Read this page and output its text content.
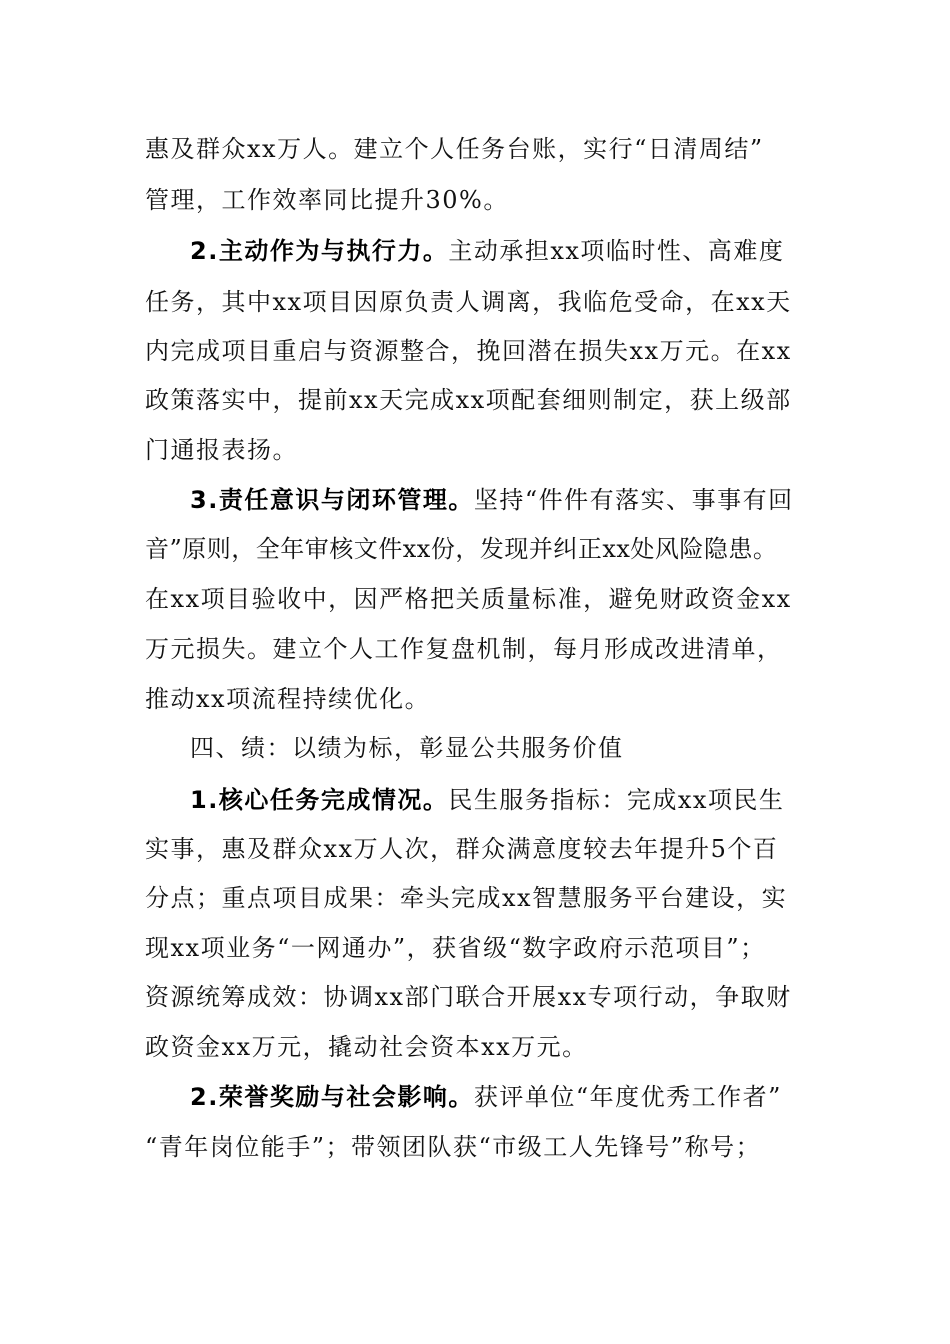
惠及群众xx万人。建立个人任务台账，实行“日清周结”
管理，工作效率同比提升30%。
2.主动作为与执行力。主动承担xx项临时性、高难度
任务，其中xx项目因原负责人调离，我临危受命，在xx天
内完成项目重启与资源整合，挽回潜在损失xx万元。在xx
政策落实中，提前xx天完成xx项配套细则制定，获上级部
门通报表扬。
3.责任意识与闭环管理。坚持“件件有落实、事事有回
音”原则，全年审核文件xx份，发现并纠正xx处风险隐患。
在xx项目验收中，因严格把关质量标准，避免财政资金xx
万元损失。建立个人工作复盘机制，每月形成改进清单，
推动xx项流程持续优化。
四、绩：以绩为标，彰显公共服务价值
1.核心任务完成情况。民生服务指标：完成xx项民生
实事，惠及群众xx万人次，群众满意度较去年提升5个百
分点；重点项目成果：牵头完成xx智慧服务平台建设，实
现xx项业务“一网通办”，获省级“数字政府示范项目”；
资源统筹成效：协调xx部门联合开展xx专项行动，争取财
政资金xx万元，撬动社会资本xx万元。
2.荣誉奖励与社会影响。获评单位“年度优秀工作者”
“青年岗位能手”；带领团队获“市级工人先锋号”称号；
